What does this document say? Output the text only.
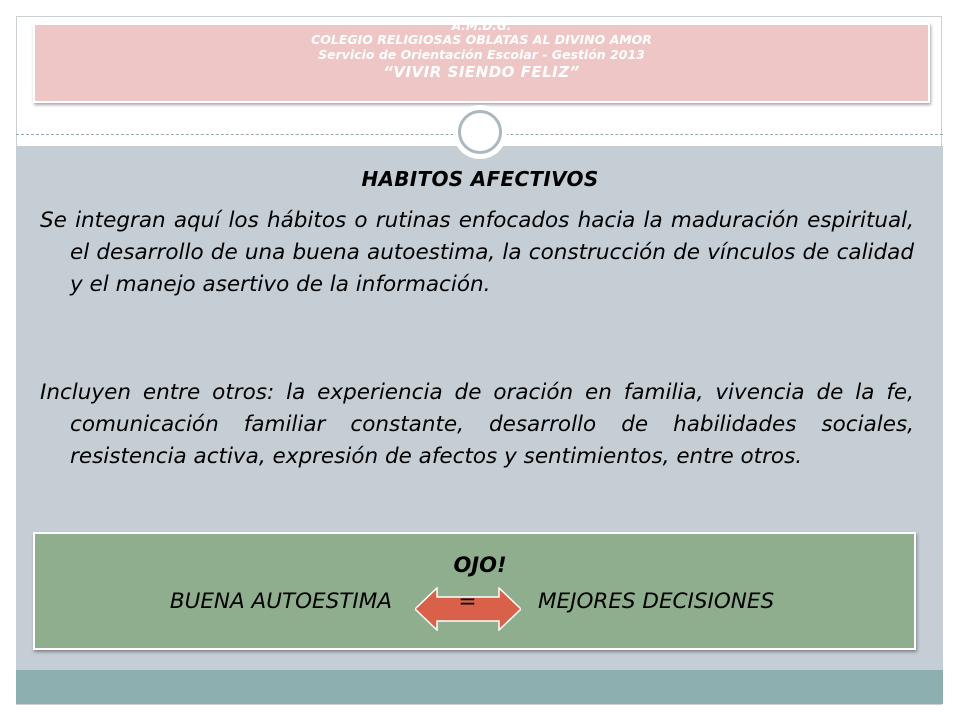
A.M.D.G.
COLEGIO RELIGIOSAS OBLATAS AL DIVINO AMOR
Servicio de Orientación Escolar - Gestión 2013
“VIVIR SIENDO FELIZ”
HABITOS AFECTIVOS
Se integran aquí los hábitos o rutinas enfocados hacia la maduración espiritual, el desarrollo de una buena autoestima, la construcción de vínculos de calidad y el manejo asertivo de la información.
Incluyen entre otros: la experiencia de oración en familia, vivencia de la fe, comunicación familiar constante, desarrollo de habilidades sociales, resistencia activa, expresión de afectos y sentimientos, entre otros.
OJO!
BUENA AUTOESTIMA	=	MEJORES DECISIONES
